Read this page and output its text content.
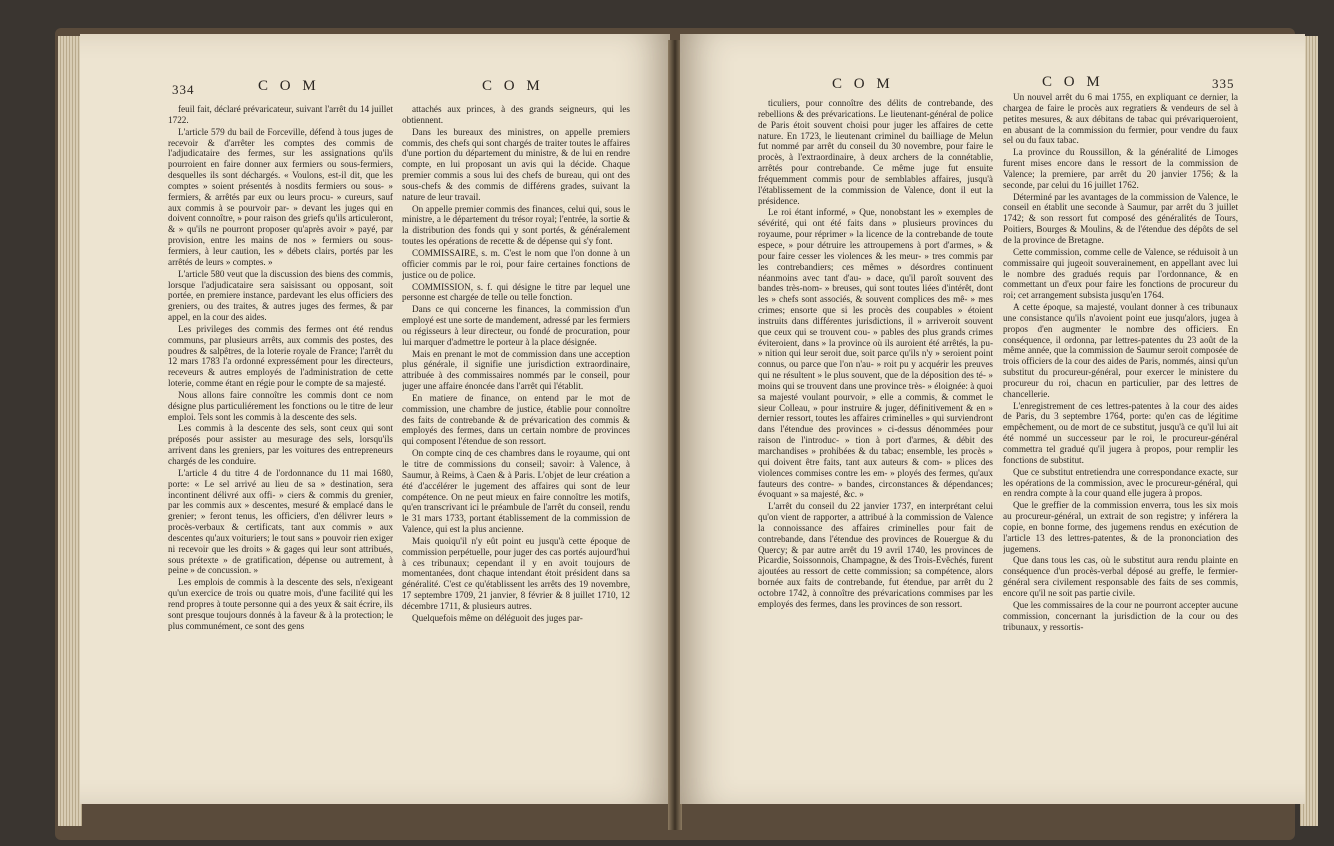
334	C O M	C O M

feuil fait, déclaré prévaricateur, suivant l'arrêt du 14 juillet 1722.

L'article 579 du bail de Forceville, défend à tous juges de recevoir & d'arrêter les comptes des commis de l'adjudicataire des fermes, sur les assignations qu'ils pourroient en faire donner aux fermiers ou sous-fermiers, desquelles ils sont déchargés. « Voulons, est-il dit, que les comptes » soient présentés à nosdits fermiers ou sous- » fermiers, & arrêtés par eux ou leurs procu- » cureurs, sauf aux commis à se pourvoir par- » devant les juges qui en doivent connoître, » pour raison des griefs qu'ils articuleront, & » qu'ils ne pourront proposer qu'après avoir » payé, par provision, entre les mains de nos » fermiers ou sous-fermiers, à leur caution, les » débets clairs, portés par les arrêtés de leurs » comptes. »

L'article 580 veut que la discussion des biens des commis, lorsque l'adjudicataire sera saisissant ou opposant, soit portée, en premiere instance, pardevant les elus officiers des greniers, ou des traites, & autres juges des fermes, & par appel, en la cour des aides.

Les privileges des commis des fermes ont été rendus communs, par plusieurs arrêts, aux commis des postes, des poudres & salpêtres, de la loterie royale de France; l'arrêt du 12 mars 1783 l'a ordonné expressément pour les directeurs, receveurs & autres employés de l'administration de cette loterie, comme étant en régie pour le compte de sa majesté.

Nous allons faire connoître les commis dont ce nom désigne plus particuliérement les fonctions ou le titre de leur emploi. Tels sont les commis à la descente des sels.

Les commis à la descente des sels, sont ceux qui sont préposés pour assister au mesurage des sels, lorsqu'ils arrivent dans les greniers, par les voitures des entrepreneurs chargés de les conduire.

L'article 4 du titre 4 de l'ordonnance du 11 mai 1680, porte: « Le sel arrivé au lieu de sa » destination, sera incontinent délivré aux offi- » ciers & commis du grenier, par les commis aux » descentes, mesuré & emplacé dans le grenier; » feront tenus, les officiers, d'en délivrer leurs » procès-verbaux & certificats, tant aux commis » aux descentes qu'aux voituriers; le tout sans » pouvoir rien exiger ni recevoir que les droits » & gages qui leur sont attribués, sous prétexte » de gratification, dépense ou autrement, à peine » de concussion. »

Les emplois de commis à la descente des sels, n'exigeant qu'un exercice de trois ou quatre mois, d'une facilité qui les rend propres à toute personne qui a des yeux & sait écrire, ils sont presque toujours donnés à la faveur & à la protection; le plus communément, ce sont des gens

attachés aux princes, à des grands seigneurs, qui les obtiennent.

Dans les bureaux des ministres, on appelle premiers commis, des chefs qui sont chargés de traiter toutes le affaires d'une portion du département du ministre, & de lui en rendre compte, en lui proposant un avis qui la décide. Chaque premier commis a sous lui des chefs de bureau, qui ont des sous-chefs & des commis de différens grades, suivant la nature de leur travail.

On appelle premier commis des finances, celui qui, sous le ministre, a le département du trésor royal; l'entrée, la sortie & la distribution des fonds qui y sont portés, & généralement toutes les opérations de recette & de dépense qui s'y font.

COMMISSAIRE, s. m. C'est le nom que l'on donne à un officier commis par le roi, pour faire certaines fonctions de justice ou de police.

COMMISSION, s. f. qui désigne le titre par lequel une personne est chargée de telle ou telle fonction.

Dans ce qui concerne les finances, la commission d'un employé est une sorte de mandement, adressé par les fermiers ou régisseurs à leur directeur, ou fondé de procuration, pour lui marquer d'admettre le porteur à la place désignée.

Mais en prenant le mot de commission dans une acception plus générale, il signifie une jurisdiction extraordinaire, attribuée à des commissaires nommés par le conseil, pour juger une affaire énoncée dans l'arrêt qui l'établit.

En matiere de finance, on entend par le mot de commission, une chambre de justice, établie pour connoître des faits de contrebande & de prévarication des commis & employés des fermes, dans un certain nombre de provinces qui composent l'étendue de son ressort.

On compte cinq de ces chambres dans le royaume, qui ont le titre de commissions du conseil; savoir: à Valence, à Saumur, à Reims, à Caen & à Paris. L'objet de leur création a été d'accélérer le jugement des affaires qui sont de leur compétence. On ne peut mieux en faire connoître les motifs, qu'en transcrivant ici le préambule de l'arrêt du conseil, rendu le 31 mars 1733, portant établissement de la commission de Valence, qui est la plus ancienne.

Mais quoiqu'il n'y eût point eu jusqu'à cette époque de commission perpétuelle, pour juger des cas portés aujourd'hui à ces tribunaux; cependant il y en avoit toujours de momentanées, dont chaque intendant étoit président dans sa généralité. C'est ce qu'établissent les arrêts des 19 novembre, 17 septembre 1709, 21 janvier, 8 février & 8 juillet 1710, 12 décembre 1711, & plusieurs autres.

Quelquefois même on déléguoit des juges par-

C O M	C O M	335

ticuliers, pour connoître des délits de contrebande, des rebellions & des prévarications. Le lieutenant-général de police de Paris étoit souvent choisi pour juger les affaires de cette nature. En 1723, le lieutenant criminel du bailliage de Melun fut nommé par arrêt du conseil du 30 novembre, pour faire le procès, à l'extraordinaire, à deux archers de la connétablie, arrêtés pour contrebande. Ce même juge fut ensuite fréquemment commis pour de semblables affaires, jusqu'à l'établissement de la commission de Valence, dont il eut la présidence.

Le roi étant informé, » Que, nonobstant les » exemples de sévérité, qui ont été faits dans » plusieurs provinces du royaume, pour réprimer » la licence de la contrebande de toute espece, » pour détruire les attroupemens à port d'armes, » & pour faire cesser les violences & les meur- » tres commis par les contrebandiers; ces mêmes » désordres continuent néanmoins avec tant d'au- » dace, qu'il paroît souvent des bandes très-nom- » breuses, qui sont toutes liées d'intérêt, dont les » chefs sont associés, & souvent complices des mê- » mes crimes; ensorte que si les procès des coupables » étoient instruits dans différentes jurisdictions, il » arriveroit souvent que ceux qui se trouvent cou- » pables des plus grands crimes éviteroient, dans » la province où ils auroient été arrêtés, la pu- » nition qui leur seroit due, soit parce qu'ils n'y » seroient point connus, ou parce que l'on n'au- » roit pu y acquérir les preuves qui ne résultent » le plus souvent, que de la déposition des té- » moins qui se trouvent dans une province très- » éloignée: à quoi sa majesté voulant pourvoir, » elle a commis, & commet le sieur Colleau, » pour instruire & juger, définitivement & en » dernier ressort, toutes les affaires criminelles » qui surviendront dans l'étendue des provinces » ci-dessus dénommées pour raison de l'introduc- » tion à port d'armes, & débit des marchandises » prohibées & du tabac; ensemble, les procès » qui doivent être faits, tant aux auteurs & com- » plices des violences commises contre les em- » ployés des fermes, qu'aux fauteurs des contre- » bandes, circonstances & dépendances; évoquant » sa majesté, &c. »

L'arrêt du conseil du 22 janvier 1737, en interprétant celui qu'on vient de rapporter, a attribué à la commission de Valence la connoissance des affaires criminelles pour fait de contrebande, dans l'étendue des provinces de Rouergue & du Quercy; & par autre arrêt du 19 avril 1740, les provinces de Picardie, Soissonnois, Champagne, & des Trois-Evêchés, furent ajoutées au ressort de cette commission; sa compétence, alors bornée aux faits de contrebande, fut étendue, par arrêt du 2 octobre 1742, à connoître des prévarications commises par les employés des fermes, dans les provinces de son ressort.

Un nouvel arrêt du 6 mai 1755, en expliquant ce dernier, la chargea de faire le procès aux regratiers & vendeurs de sel à petites mesures, & aux débitans de tabac qui prévariqueroient, en abusant de la commission du fermier, pour vendre du faux sel ou du faux tabac.

La province du Roussillon, & la généralité de Limoges furent mises encore dans le ressort de la commission de Valence; la premiere, par arrêt du 20 janvier 1756; & la seconde, par celui du 16 juillet 1762.

Déterminé par les avantages de la commission de Valence, le conseil en établit une seconde à Saumur, par arrêt du 3 juillet 1742; & son ressort fut composé des généralités de Tours, Poitiers, Bourges & Moulins, & de l'étendue des dépôts de sel de la province de Bretagne.

Cette commission, comme celle de Valence, se réduisoit à un commissaire qui jugeoit souverainement, en appellant avec lui le nombre des gradués requis par l'ordonnance, & en commettant un d'eux pour faire les fonctions de procureur du roi; cet arrangement subsista jusqu'en 1764.

A cette époque, sa majesté, voulant donner à ces tribunaux une consistance qu'ils n'avoient point eue jusqu'alors, jugea à propos d'en augmenter le nombre des officiers. En conséquence, il ordonna, par lettres-patentes du 23 août de la même année, que la commission de Saumur seroit composée de trois officiers de la cour des aides de Paris, nommés, ainsi qu'un substitut du procureur-général, pour exercer le ministere du procureur du roi, chacun en particulier, par des lettres de chancellerie.

L'enregistrement de ces lettres-patentes à la cour des aides de Paris, du 3 septembre 1764, porte: qu'en cas de légitime empêchement, ou de mort de ce substitut, jusqu'à ce qu'il lui ait été nommé un successeur par le roi, le procureur-général commettra tel gradué qu'il jugera à propos, pour remplir les fonctions de substitut.

Que ce substitut entretiendra une correspondance exacte, sur les opérations de la commission, avec le procureur-général, qui en rendra compte à la cour quand elle jugera à propos.

Que le greffier de la commission enverra, tous les six mois au procureur-général, un extrait de son registre; y inférera la copie, en bonne forme, des jugemens rendus en exécution de l'article 13 des lettres-patentes, & de la prononciation des jugemens.

Que dans tous les cas, où le substitut aura rendu plainte en conséquence d'un procès-verbal déposé au greffe, le fermier-général sera civilement responsable des faits de ses commis, encore qu'il ne soit pas partie civile.

Que les commissaires de la cour ne pourront accepter aucune commission, concernant la jurisdiction de la cour ou des tribunaux, y ressortis-
